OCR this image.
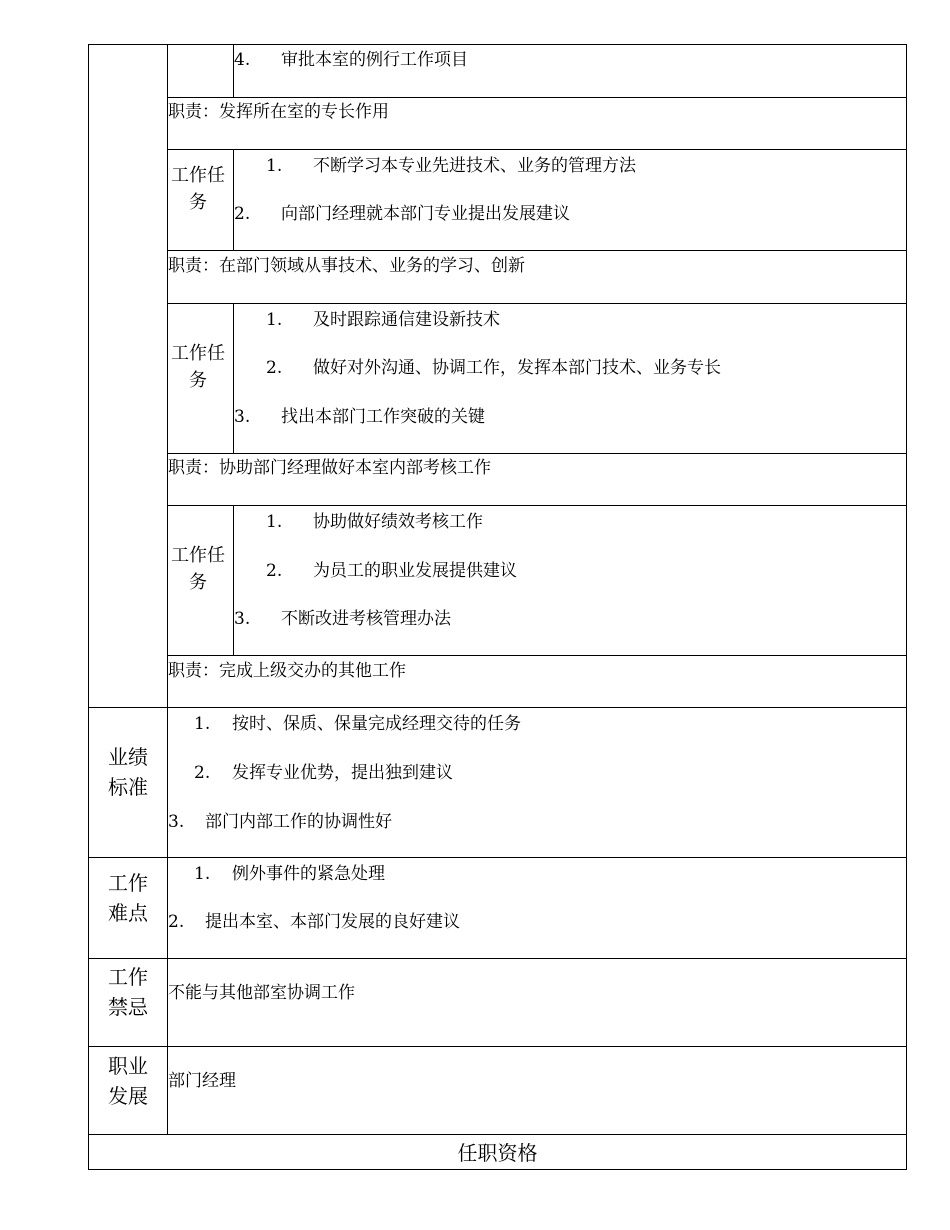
4. 审批本室的例行工作项目
职责：发挥所在室的专长作用
工作任务
1. 不断学习本专业先进技术、业务的管理方法
2. 向部门经理就本部门专业提出发展建议
职责：在部门领域从事技术、业务的学习、创新
工作任务
1. 及时跟踪通信建设新技术
2. 做好对外沟通、协调工作，发挥本部门技术、业务专长
3. 找出本部门工作突破的关键
职责：协助部门经理做好本室内部考核工作
工作任务
1. 协助做好绩效考核工作
2. 为员工的职业发展提供建议
3. 不断改进考核管理办法
职责：完成上级交办的其他工作
业绩标准
1. 按时、保质、保量完成经理交待的任务
2. 发挥专业优势，提出独到建议
3. 部门内部工作的协调性好
工作难点
1. 例外事件的紧急处理
2. 提出本室、本部门发展的良好建议
工作禁忌
不能与其他部室协调工作
职业发展
部门经理
任职资格
